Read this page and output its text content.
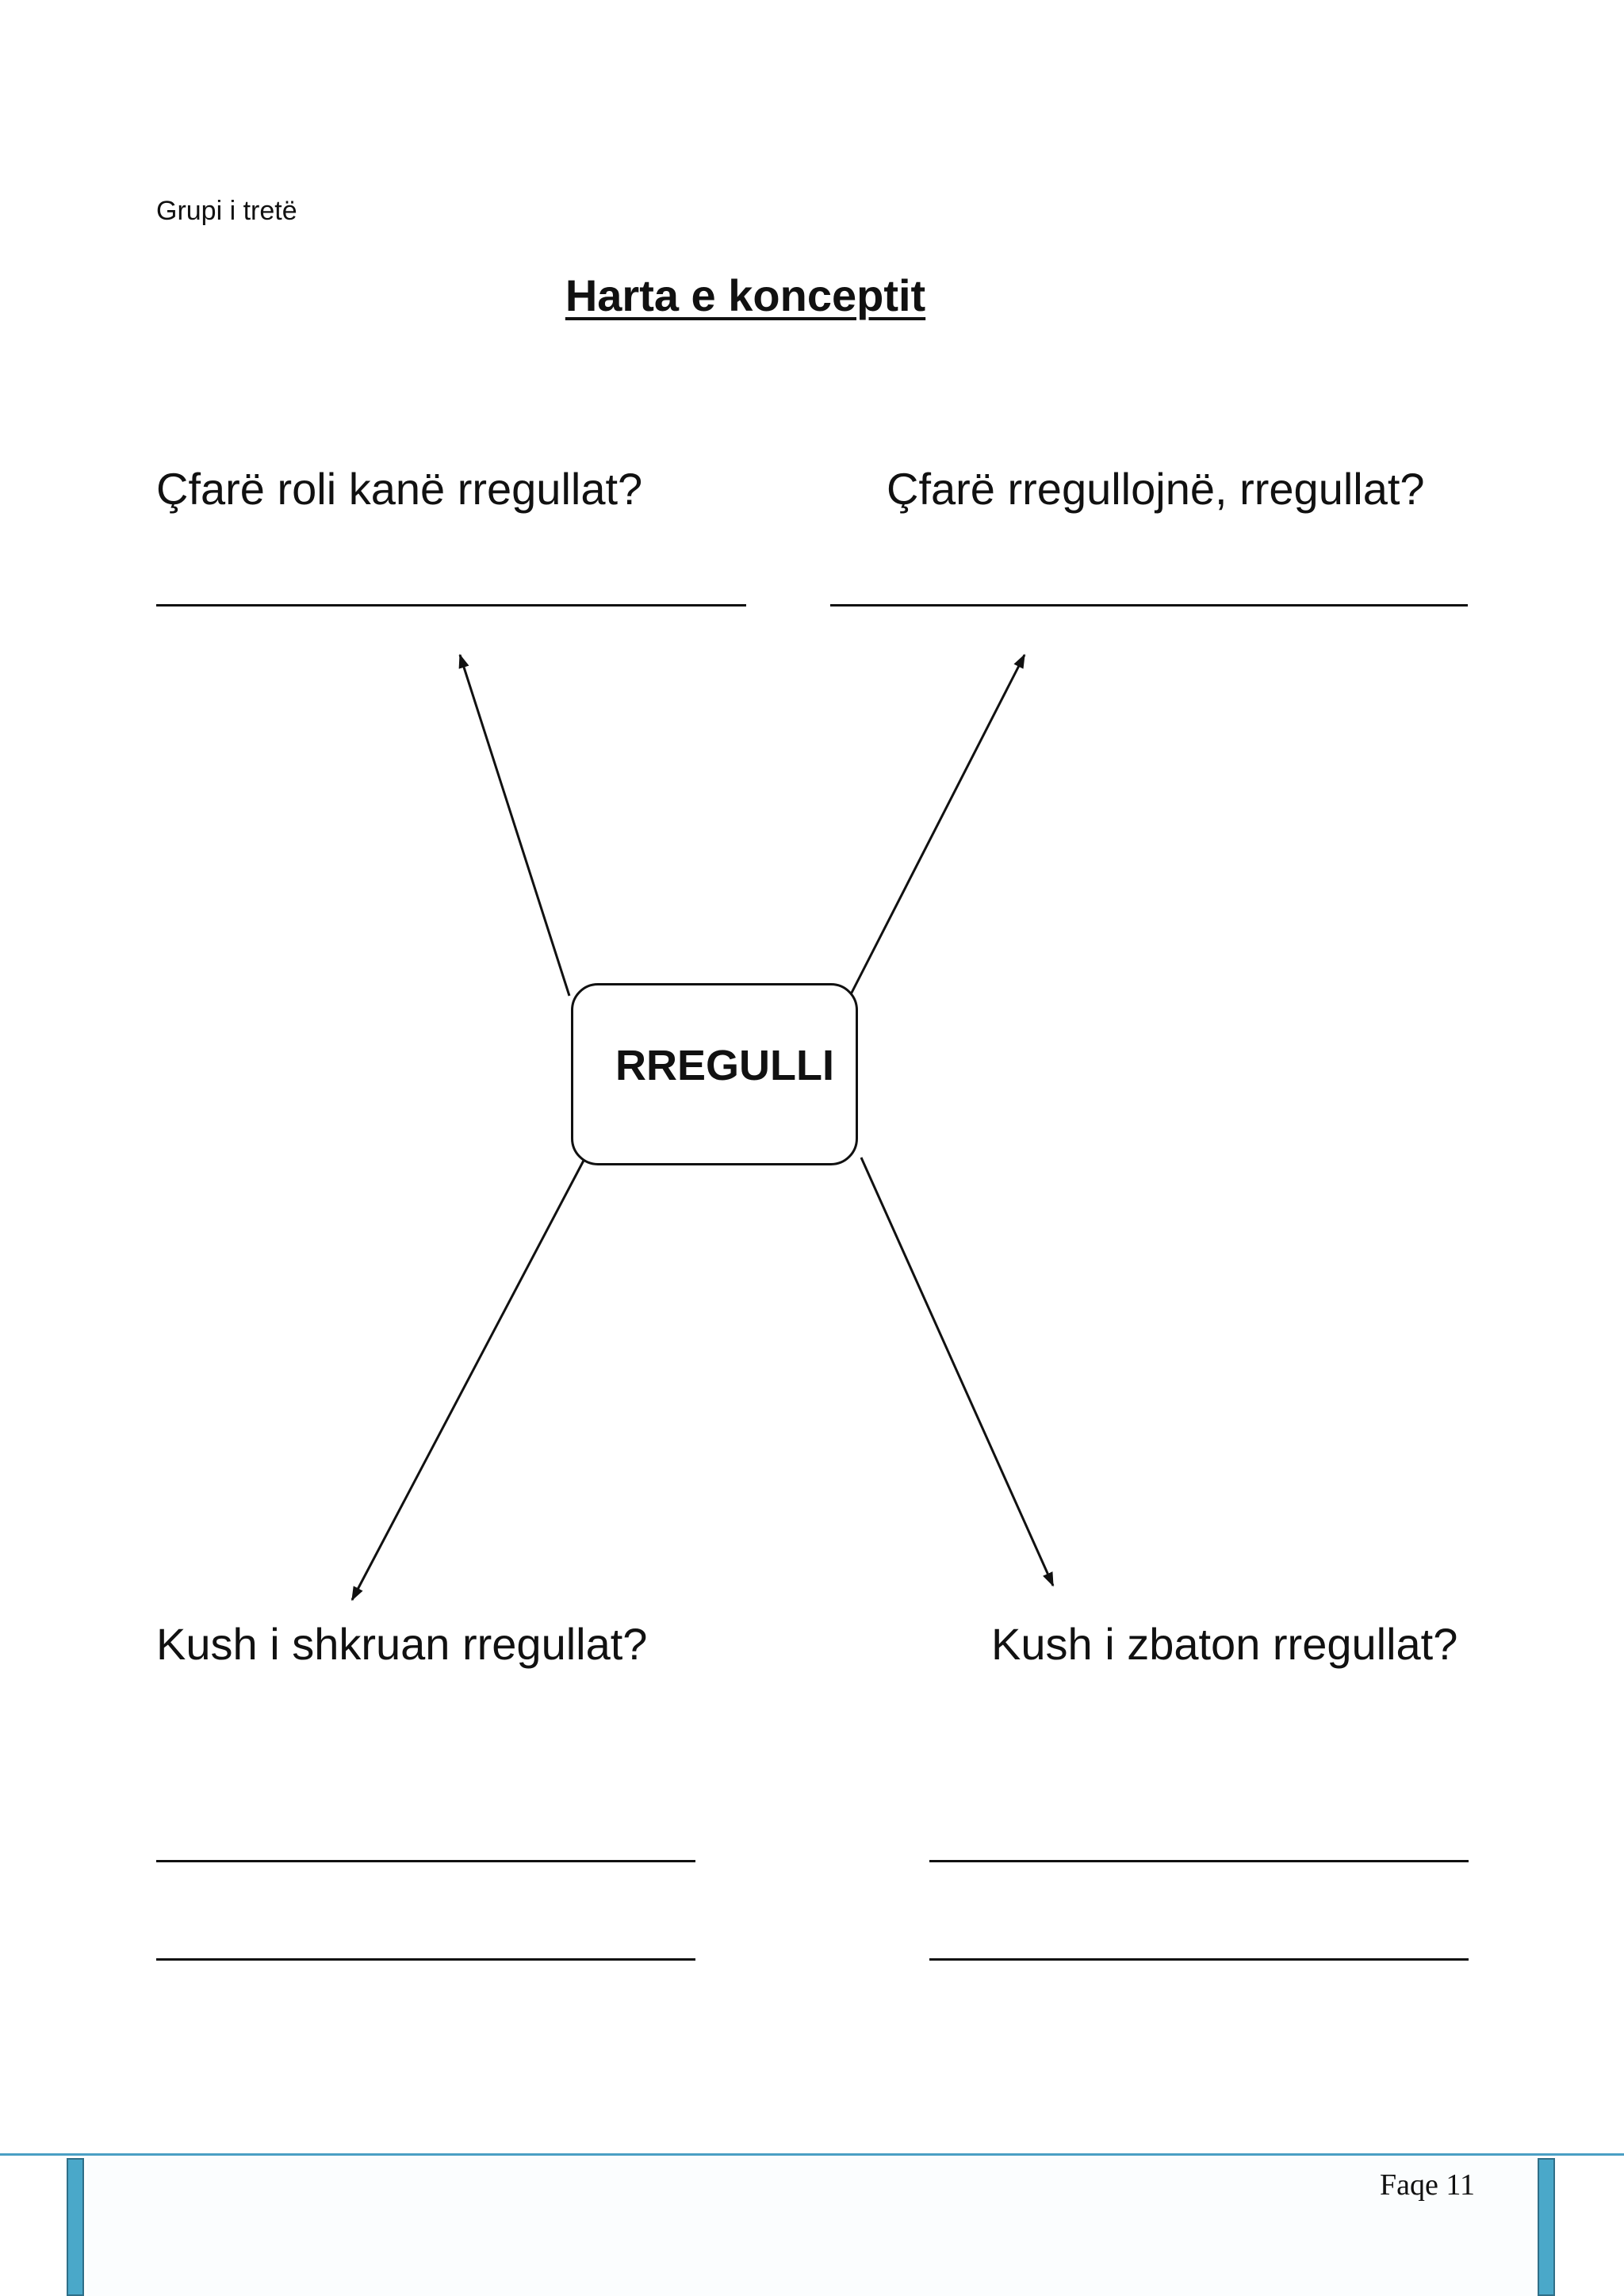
Grupi i tretë
Harta e konceptit
Çfarë roli kanë rregullat?	Çfarë rregullojnë, rregullat?
RREGULLI
Kush i shkruan rregullat?	Kush i zbaton rregullat?
Faqe 11
